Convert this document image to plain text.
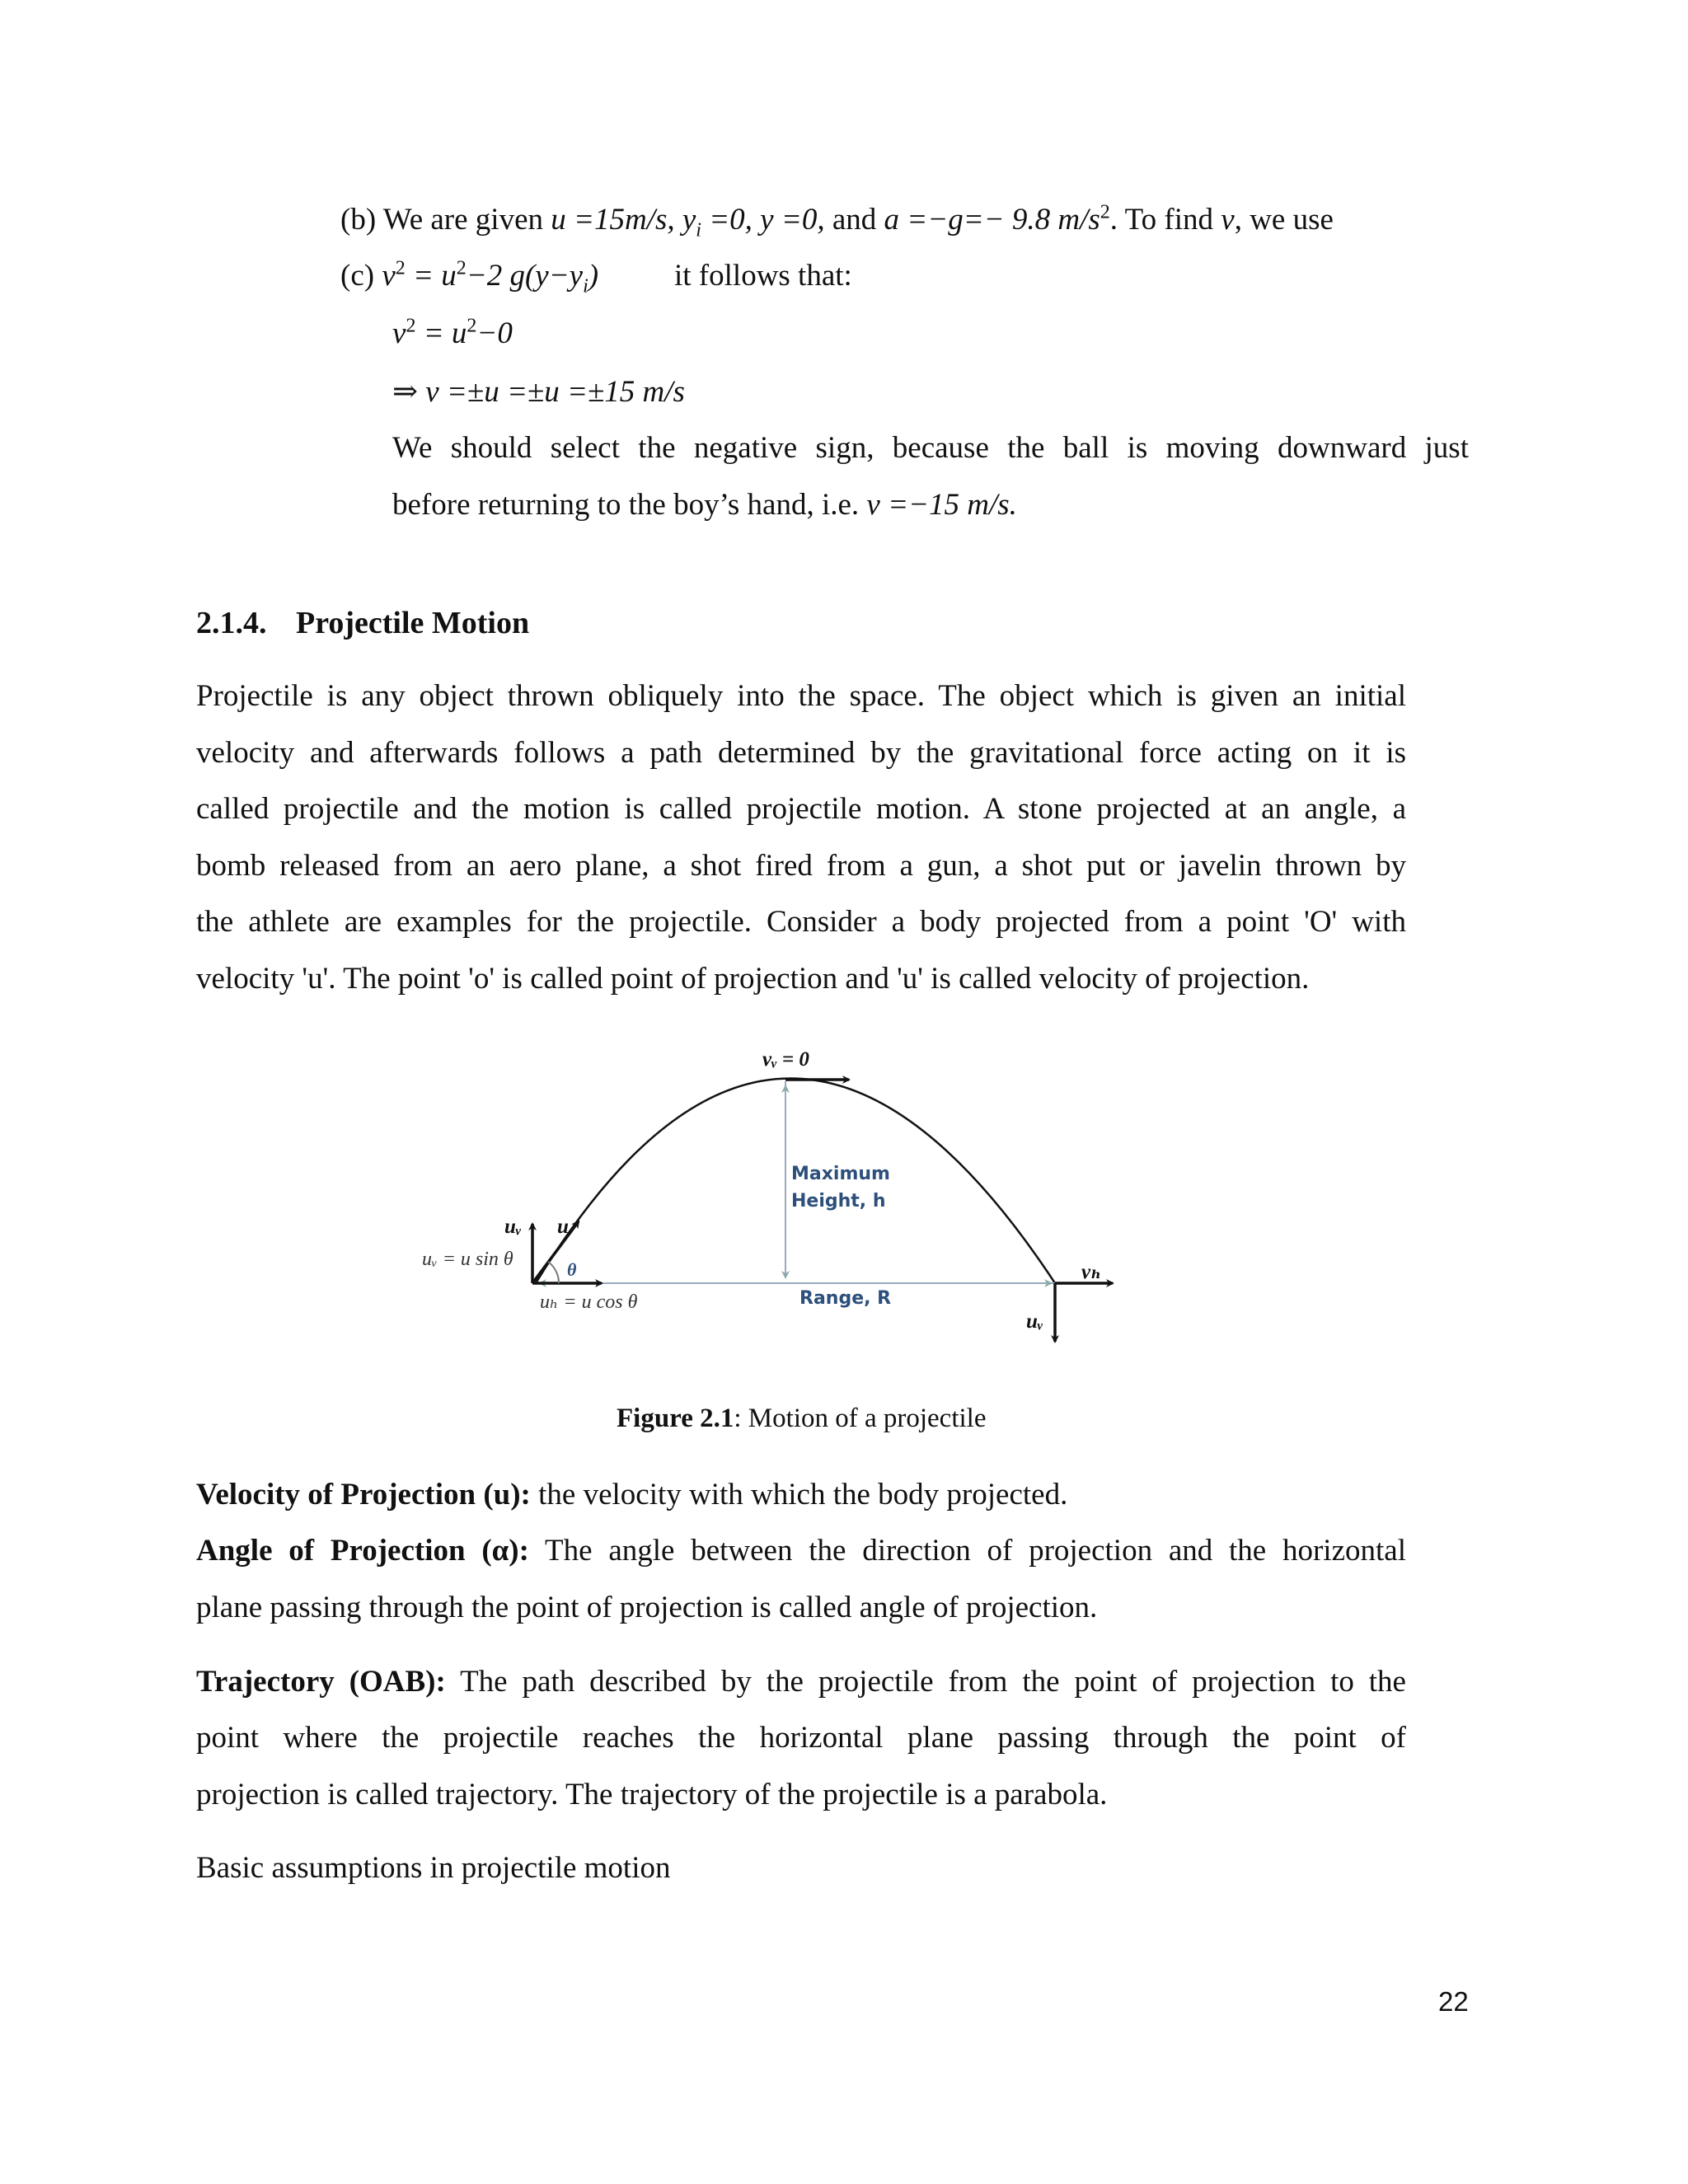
(b) We are given u =15m/s, $y_i =0$, y =0, and a =−g=− 9.8 $m/s^2$. To find v, we use
(c) $v^2 = u^2-2$ $g(y-y_i)$ it follows that:
$v^2 = u^2-0$
⇒ v =±u =±u =±15 m/s
We should select the negative sign, because the ball is moving downward just
before returning to the boy’s hand, i.e. v =−15 m/s.
2.1.4. Projectile Motion
Projectile is any object thrown obliquely into the space. The object which is given an initial
velocity and afterwards follows a path determined by the gravitational force acting on it is
called projectile and the motion is called projectile motion. A stone projected at an angle, a
bomb released from an aero plane, a shot fired from a gun, a shot put or javelin thrown by
the athlete are examples for the projectile. Consider a body projected from a point 'O' with
velocity 'u'. The point 'o' is called point of projection and 'u' is called velocity of projection.
vᵥ = 0
Maximum
Height, h
uᵥ u
uᵥ = u sin θ	θ
uₕ = u cos θ	Range, R
vₕ
uᵥ
Figure 2.1: Motion of a projectile
Velocity of Projection (u): the velocity with which the body projected.
Angle of Projection (α): The angle between the direction of projection and the horizontal
plane passing through the point of projection is called angle of projection.
Trajectory (OAB): The path described by the projectile from the point of projection to the
point where the projectile reaches the horizontal plane passing through the point of
projection is called trajectory. The trajectory of the projectile is a parabola.
Basic assumptions in projectile motion
22
